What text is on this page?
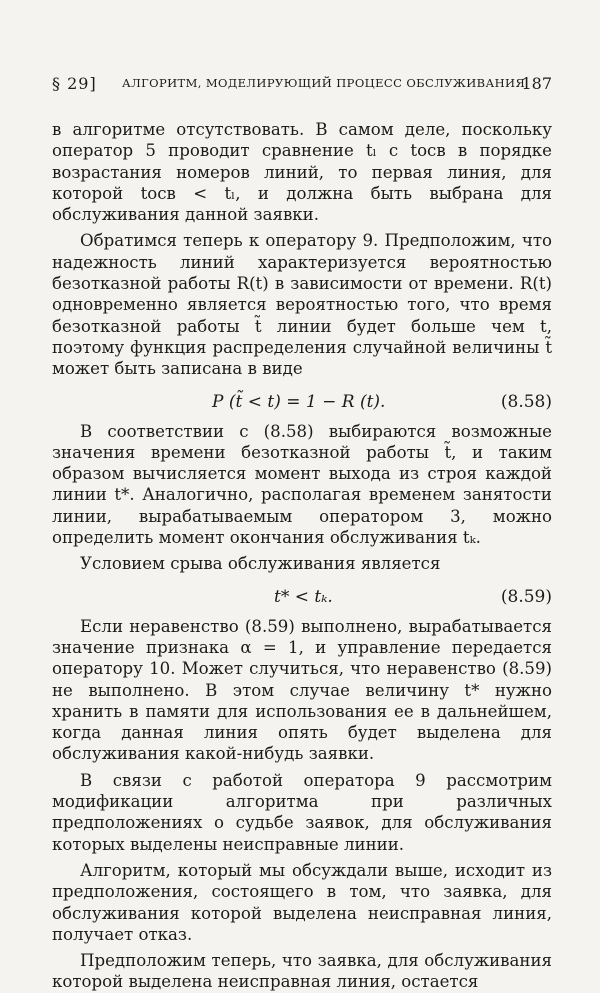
§ 29] АЛГОРИТМ, МОДЕЛИРУЮЩИЙ ПРОЦЕСС ОБСЛУЖИВАНИЯ
187

в алгоритме отсутствовать. В самом деле, поскольку оператор 5 проводит сравнение tₗ с tосв в порядке возрастания номеров линий, то первая линия, для которой tосв < tₗ, и должна быть выбрана для обслуживания данной заявки.

Обратимся теперь к оператору 9. Предположим, что надежность линий характеризуется вероятностью безотказной работы R(t) в зависимости от времени. R(t) одновременно является вероятностью того, что время безотказной работы t̃ линии будет больше чем t, поэтому функция распределения случайной величины t̃ может быть записана в виде

P (t̃ < t) = 1 − R (t).	(8.58)

В соответствии с (8.58) выбираются возможные значения времени безотказной работы t̃, и таким образом вычисляется момент выхода из строя каждой линии t*. Аналогично, располагая временем занятости линии, вырабатываемым оператором 3, можно определить момент окончания обслуживания tₖ.

Условием срыва обслуживания является

t* < tₖ.	(8.59)

Если неравенство (8.59) выполнено, вырабатывается значение признака α = 1, и управление передается оператору 10. Может случиться, что неравенство (8.59) не выполнено. В этом случае величину t* нужно хранить в памяти для использования ее в дальнейшем, когда данная линия опять будет выделена для обслуживания какой-нибудь заявки.

В связи с работой оператора 9 рассмотрим модификации алгоритма при различных предположениях о судьбе заявок, для обслуживания которых выделены неисправные линии.

Алгоритм, который мы обсуждали выше, исходит из предположения, состоящего в том, что заявка, для обслуживания которой выделена неисправная линия, получает отказ.

Предположим теперь, что заявка, для обслуживания которой выделена неисправная линия, остается
